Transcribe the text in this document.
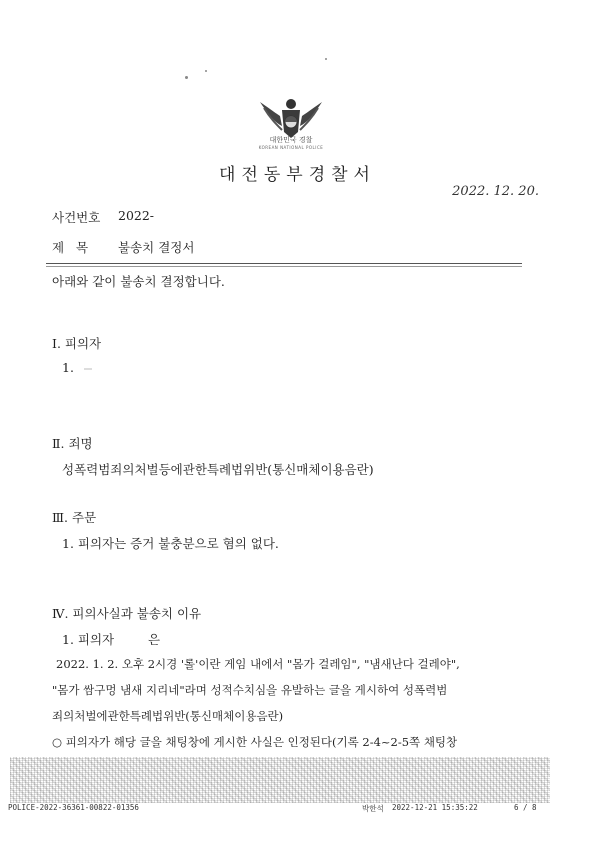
대한민국 경찰
KOREAN NATIONAL POLICE
대전동부경찰서
2022. 12. 20.
사건번호 2022-
제   목 불송치 결정서
아래와 같이 불송치 결정합니다.
Ⅰ. 피의자
1.
Ⅱ. 죄명
성폭력범죄의처벌등에관한특례법위반(통신매체이용음란)
Ⅲ. 주문
1. 피의자는 증거 불충분으로 혐의 없다.
Ⅳ. 피의사실과 불송치 이유
1. 피의자	은
2022. 1. 2. 오후 2시경 '롤'이란 게임 내에서 "몸가 걸레임", "냄새난다 걸레야",
"몸가 쌈구멍 냄새 지리네"라며 성적수치심을 유발하는 글을 게시하여 성폭력범
죄의처벌에관한특례법위반(통신매체이용음란)
○ 피의자가 해당 글을 채팅창에 게시한 사실은 인정된다(기록 2-4~2-5쪽 채팅창
POLICE-2022-36361-00822-01356	박한석 2022-12-21 15:35:22	6 / 8
